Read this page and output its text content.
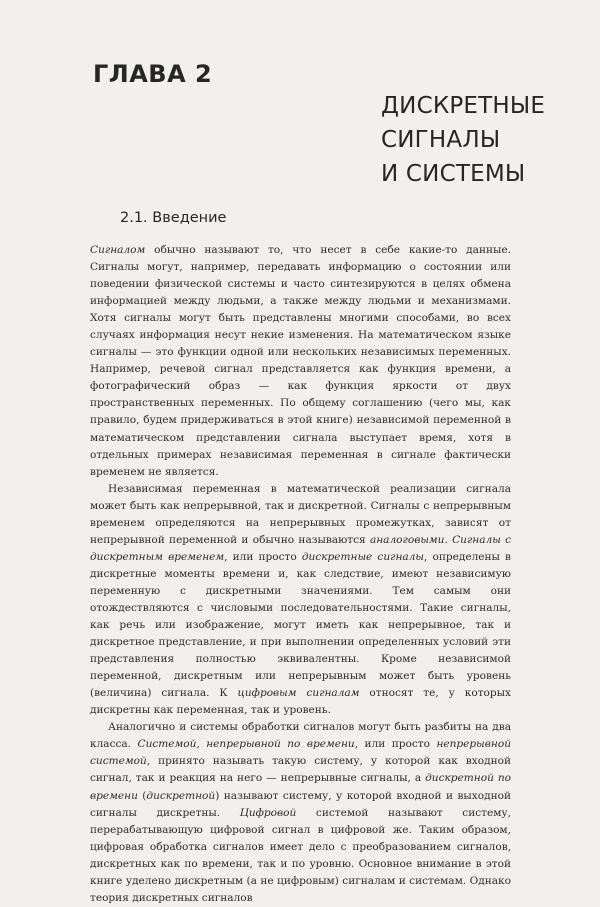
ГЛАВА 2
ДИСКРЕТНЫЕ
СИГНАЛЫ
И СИСТЕМЫ
2.1. Введение

Сигналом обычно называют то, что несет в себе какие-то данные. Сигналы могут, например, передавать информацию о состоянии или поведении физической системы и часто синтезируются в целях обмена информацией между людьми, а также между людьми и механизмами. Хотя сигналы могут быть представлены многими способами, во всех случаях информация несут некие изменения. На математическом языке сигналы — это функции одной или нескольких независимых переменных. Например, речевой сигнал представляется как функция времени, а фотографический образ — как функция яркости от двух пространственных переменных. По общему соглашению (чего мы, как правило, будем придерживаться в этой книге) независимой переменной в математическом представлении сигнала выступает время, хотя в отдельных примерах независимая переменная в сигнале фактически временем не является.

Независимая переменная в математической реализации сигнала может быть как непрерывной, так и дискретной. Сигналы с непрерывным временем определяются на непрерывных промежутках, зависят от непрерывной переменной и обычно называются аналоговыми. Сигналы с дискретным временем, или просто дискретные сигналы, определены в дискретные моменты времени и, как следствие, имеют независимую переменную с дискретными значениями. Тем самым они отождествляются с числовыми последовательностями. Такие сигналы, как речь или изображение, могут иметь как непрерывное, так и дискретное представление, и при выполнении определенных условий эти представления полностью эквивалентны. Кроме независимой переменной, дискретным или непрерывным может быть уровень (величина) сигнала. К цифровым сигналам относят те, у которых дискретны как переменная, так и уровень.

Аналогично и системы обработки сигналов могут быть разбиты на два класса. Системой, непрерывной по времени, или просто непрерывной системой, принято называть такую систему, у которой как входной сигнал, так и реакция на него — непрерывные сигналы, а дискретной по времени (дискретной) называют систему, у которой входной и выходной сигналы дискретны. Цифровой системой называют систему, перерабатывающую цифровой сигнал в цифровой же. Таким образом, цифровая обработка сигналов имеет дело с преобразованием сигналов, дискретных как по времени, так и по уровню. Основное внимание в этой книге уделено дискретным (а не цифровым) сигналам и системам. Однако теория дискретных сигналов
